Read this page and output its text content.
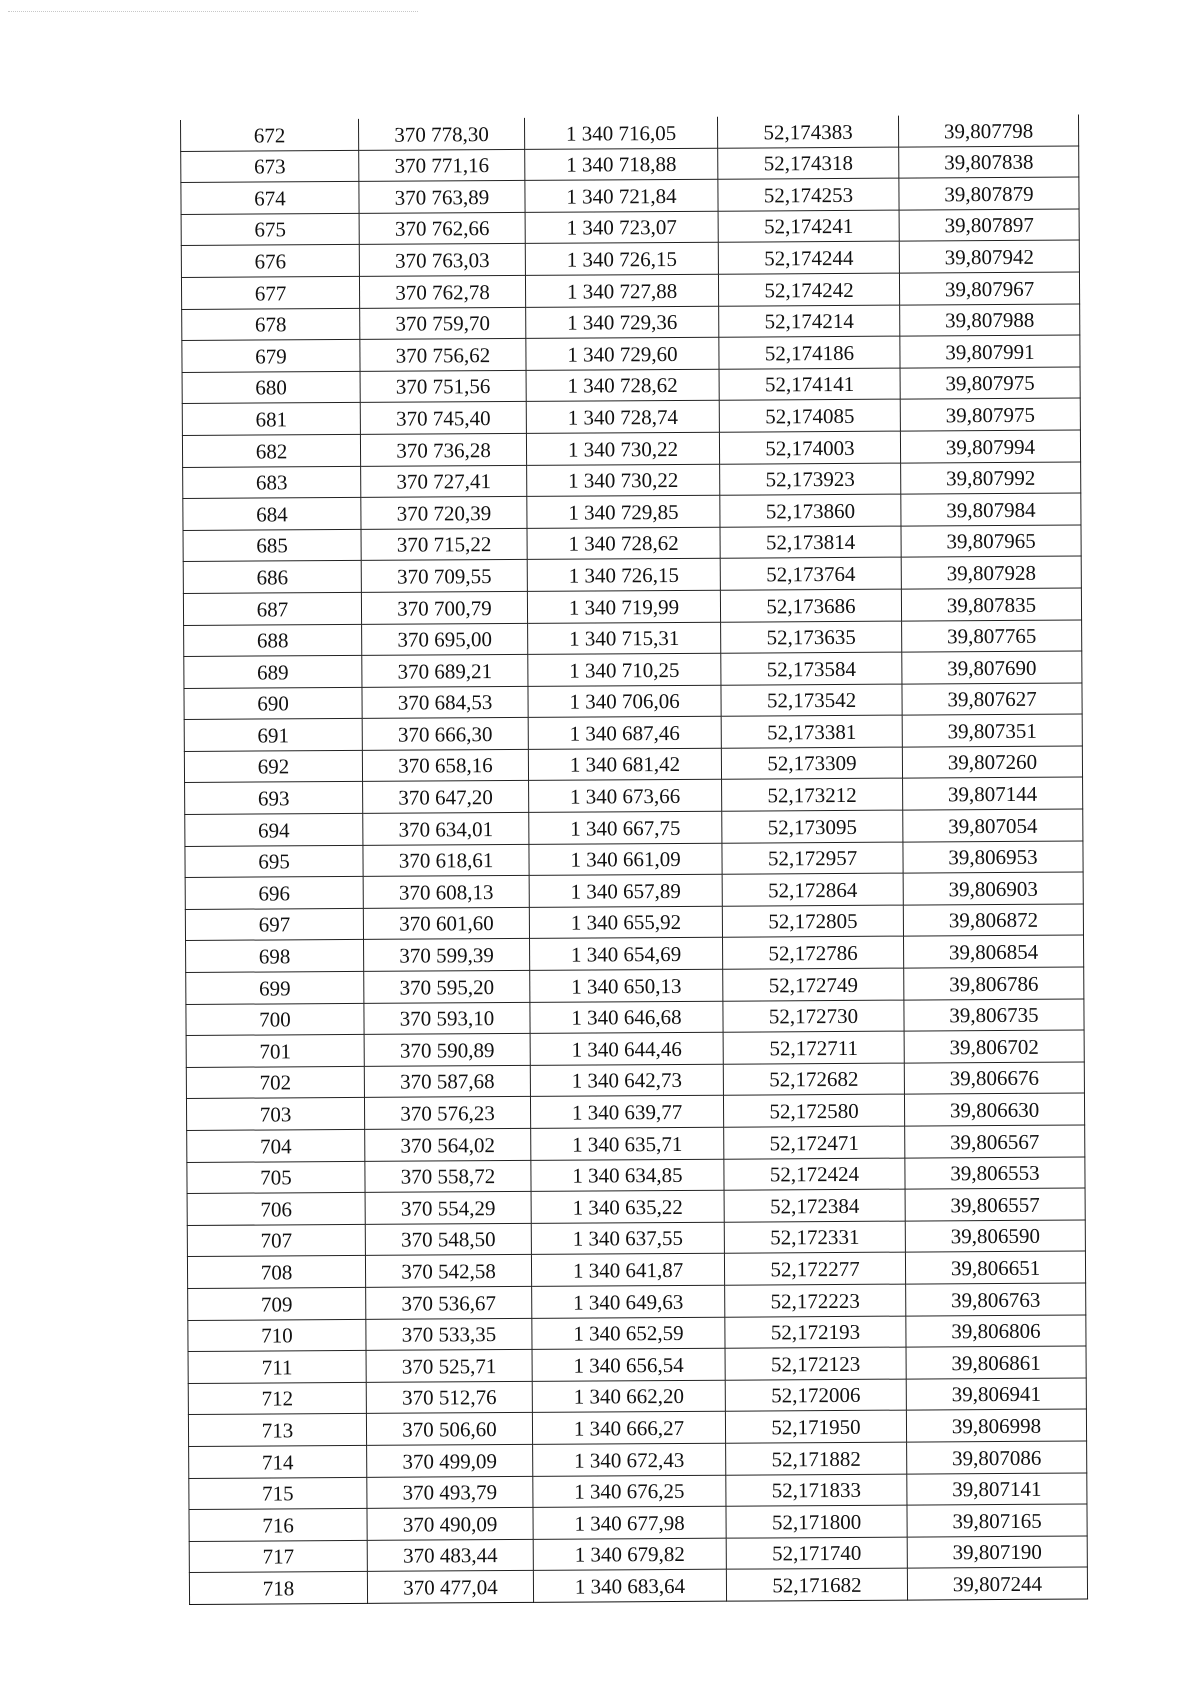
672	370 778,30	1 340 716,05	52,174383	39,807798
673	370 771,16	1 340 718,88	52,174318	39,807838
674	370 763,89	1 340 721,84	52,174253	39,807879
675	370 762,66	1 340 723,07	52,174241	39,807897
676	370 763,03	1 340 726,15	52,174244	39,807942
677	370 762,78	1 340 727,88	52,174242	39,807967
678	370 759,70	1 340 729,36	52,174214	39,807988
679	370 756,62	1 340 729,60	52,174186	39,807991
680	370 751,56	1 340 728,62	52,174141	39,807975
681	370 745,40	1 340 728,74	52,174085	39,807975
682	370 736,28	1 340 730,22	52,174003	39,807994
683	370 727,41	1 340 730,22	52,173923	39,807992
684	370 720,39	1 340 729,85	52,173860	39,807984
685	370 715,22	1 340 728,62	52,173814	39,807965
686	370 709,55	1 340 726,15	52,173764	39,807928
687	370 700,79	1 340 719,99	52,173686	39,807835
688	370 695,00	1 340 715,31	52,173635	39,807765
689	370 689,21	1 340 710,25	52,173584	39,807690
690	370 684,53	1 340 706,06	52,173542	39,807627
691	370 666,30	1 340 687,46	52,173381	39,807351
692	370 658,16	1 340 681,42	52,173309	39,807260
693	370 647,20	1 340 673,66	52,173212	39,807144
694	370 634,01	1 340 667,75	52,173095	39,807054
695	370 618,61	1 340 661,09	52,172957	39,806953
696	370 608,13	1 340 657,89	52,172864	39,806903
697	370 601,60	1 340 655,92	52,172805	39,806872
698	370 599,39	1 340 654,69	52,172786	39,806854
699	370 595,20	1 340 650,13	52,172749	39,806786
700	370 593,10	1 340 646,68	52,172730	39,806735
701	370 590,89	1 340 644,46	52,172711	39,806702
702	370 587,68	1 340 642,73	52,172682	39,806676
703	370 576,23	1 340 639,77	52,172580	39,806630
704	370 564,02	1 340 635,71	52,172471	39,806567
705	370 558,72	1 340 634,85	52,172424	39,806553
706	370 554,29	1 340 635,22	52,172384	39,806557
707	370 548,50	1 340 637,55	52,172331	39,806590
708	370 542,58	1 340 641,87	52,172277	39,806651
709	370 536,67	1 340 649,63	52,172223	39,806763
710	370 533,35	1 340 652,59	52,172193	39,806806
711	370 525,71	1 340 656,54	52,172123	39,806861
712	370 512,76	1 340 662,20	52,172006	39,806941
713	370 506,60	1 340 666,27	52,171950	39,806998
714	370 499,09	1 340 672,43	52,171882	39,807086
715	370 493,79	1 340 676,25	52,171833	39,807141
716	370 490,09	1 340 677,98	52,171800	39,807165
717	370 483,44	1 340 679,82	52,171740	39,807190
718	370 477,04	1 340 683,64	52,171682	39,807244
